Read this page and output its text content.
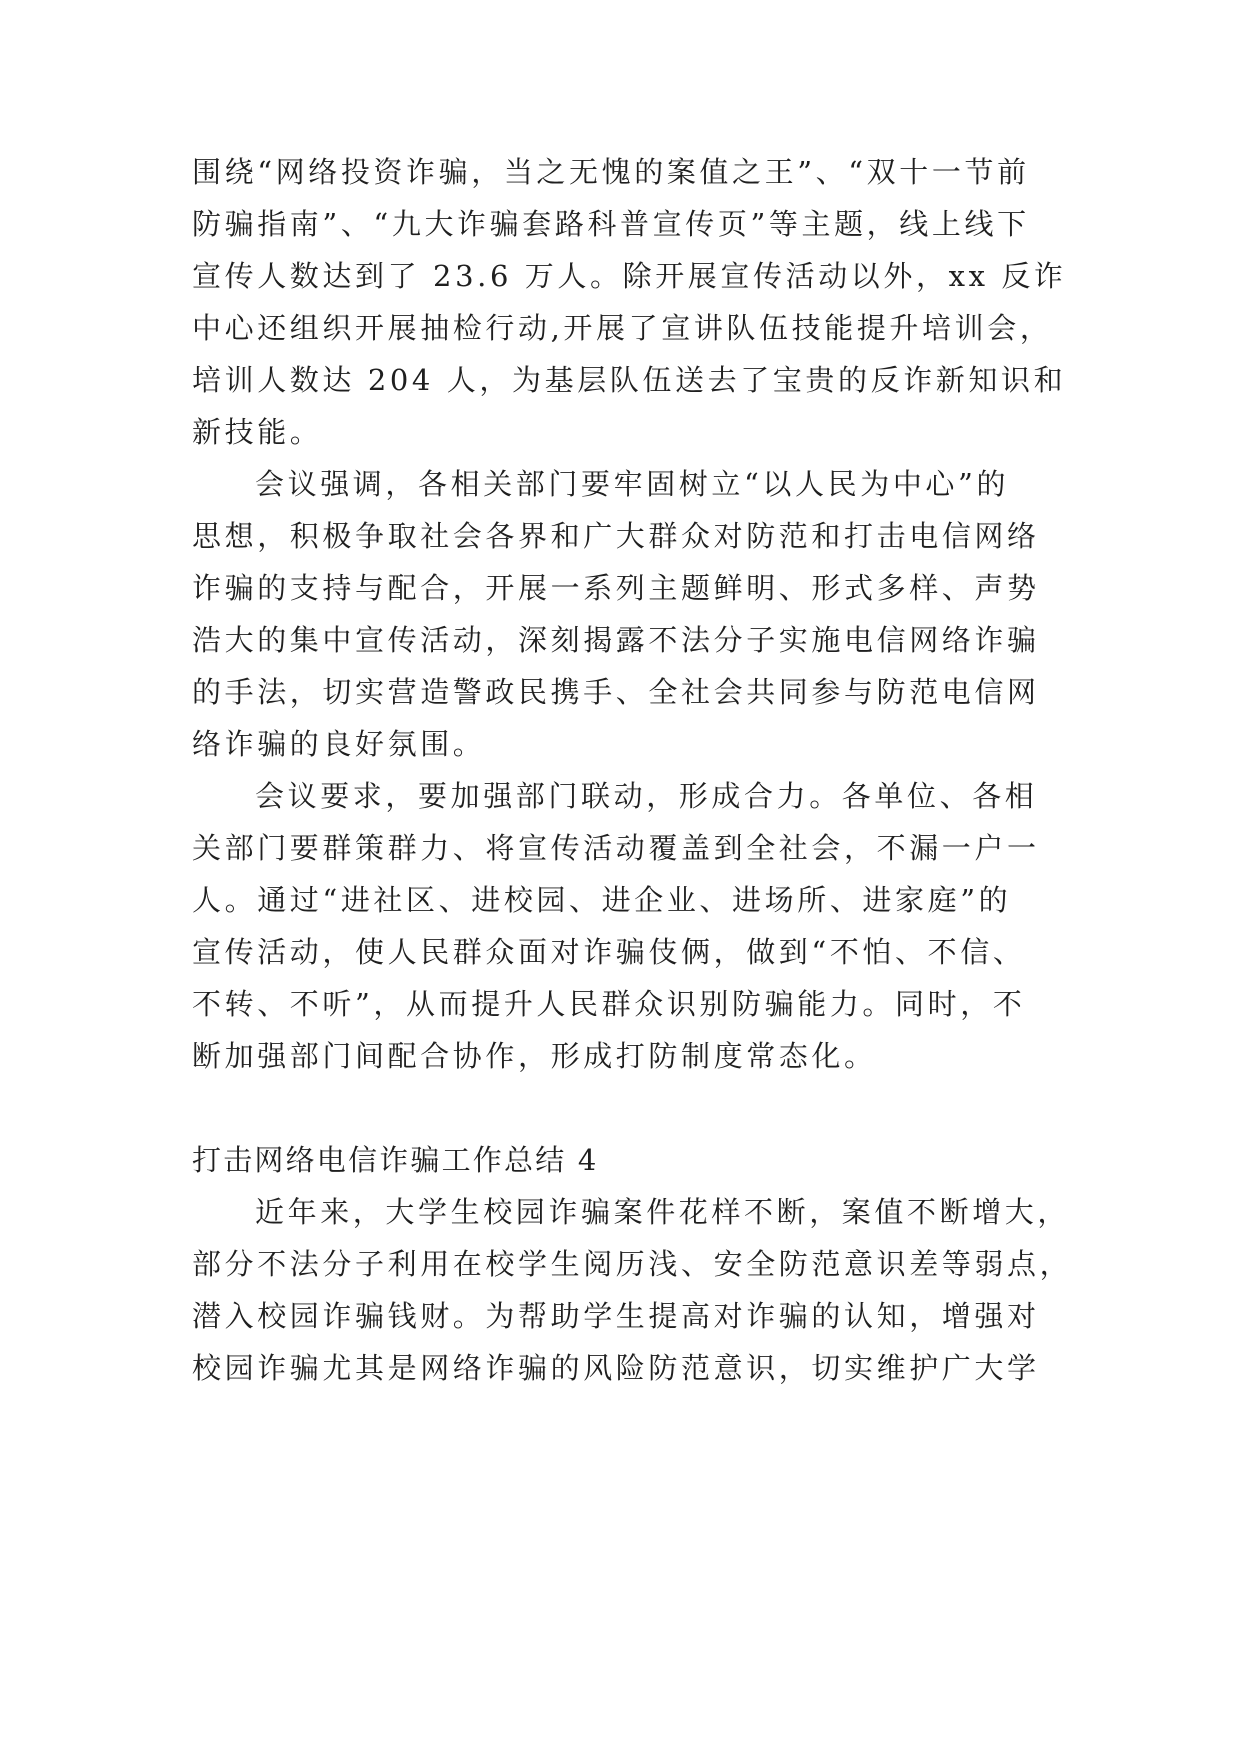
围绕“网络投资诈骗，当之无愧的案值之王”、“双十一节前
防骗指南”、“九大诈骗套路科普宣传页”等主题，线上线下
宣传人数达到了 23.6 万人。除开展宣传活动以外，xx 反诈
中心还组织开展抽检行动,开展了宣讲队伍技能提升培训会，
培训人数达 204 人，为基层队伍送去了宝贵的反诈新知识和
新技能。
会议强调，各相关部门要牢固树立“以人民为中心”的
思想，积极争取社会各界和广大群众对防范和打击电信网络
诈骗的支持与配合，开展一系列主题鲜明、形式多样、声势
浩大的集中宣传活动，深刻揭露不法分子实施电信网络诈骗
的手法，切实营造警政民携手、全社会共同参与防范电信网
络诈骗的良好氛围。
会议要求，要加强部门联动，形成合力。各单位、各相
关部门要群策群力、将宣传活动覆盖到全社会，不漏一户一
人。通过“进社区、进校园、进企业、进场所、进家庭”的
宣传活动，使人民群众面对诈骗伎俩，做到“不怕、不信、
不转、不听”，从而提升人民群众识别防骗能力。同时，不
断加强部门间配合协作，形成打防制度常态化。
打击网络电信诈骗工作总结 4
近年来，大学生校园诈骗案件花样不断，案值不断增大，
部分不法分子利用在校学生阅历浅、安全防范意识差等弱点，
潜入校园诈骗钱财。为帮助学生提高对诈骗的认知，增强对
校园诈骗尤其是网络诈骗的风险防范意识，切实维护广大学
